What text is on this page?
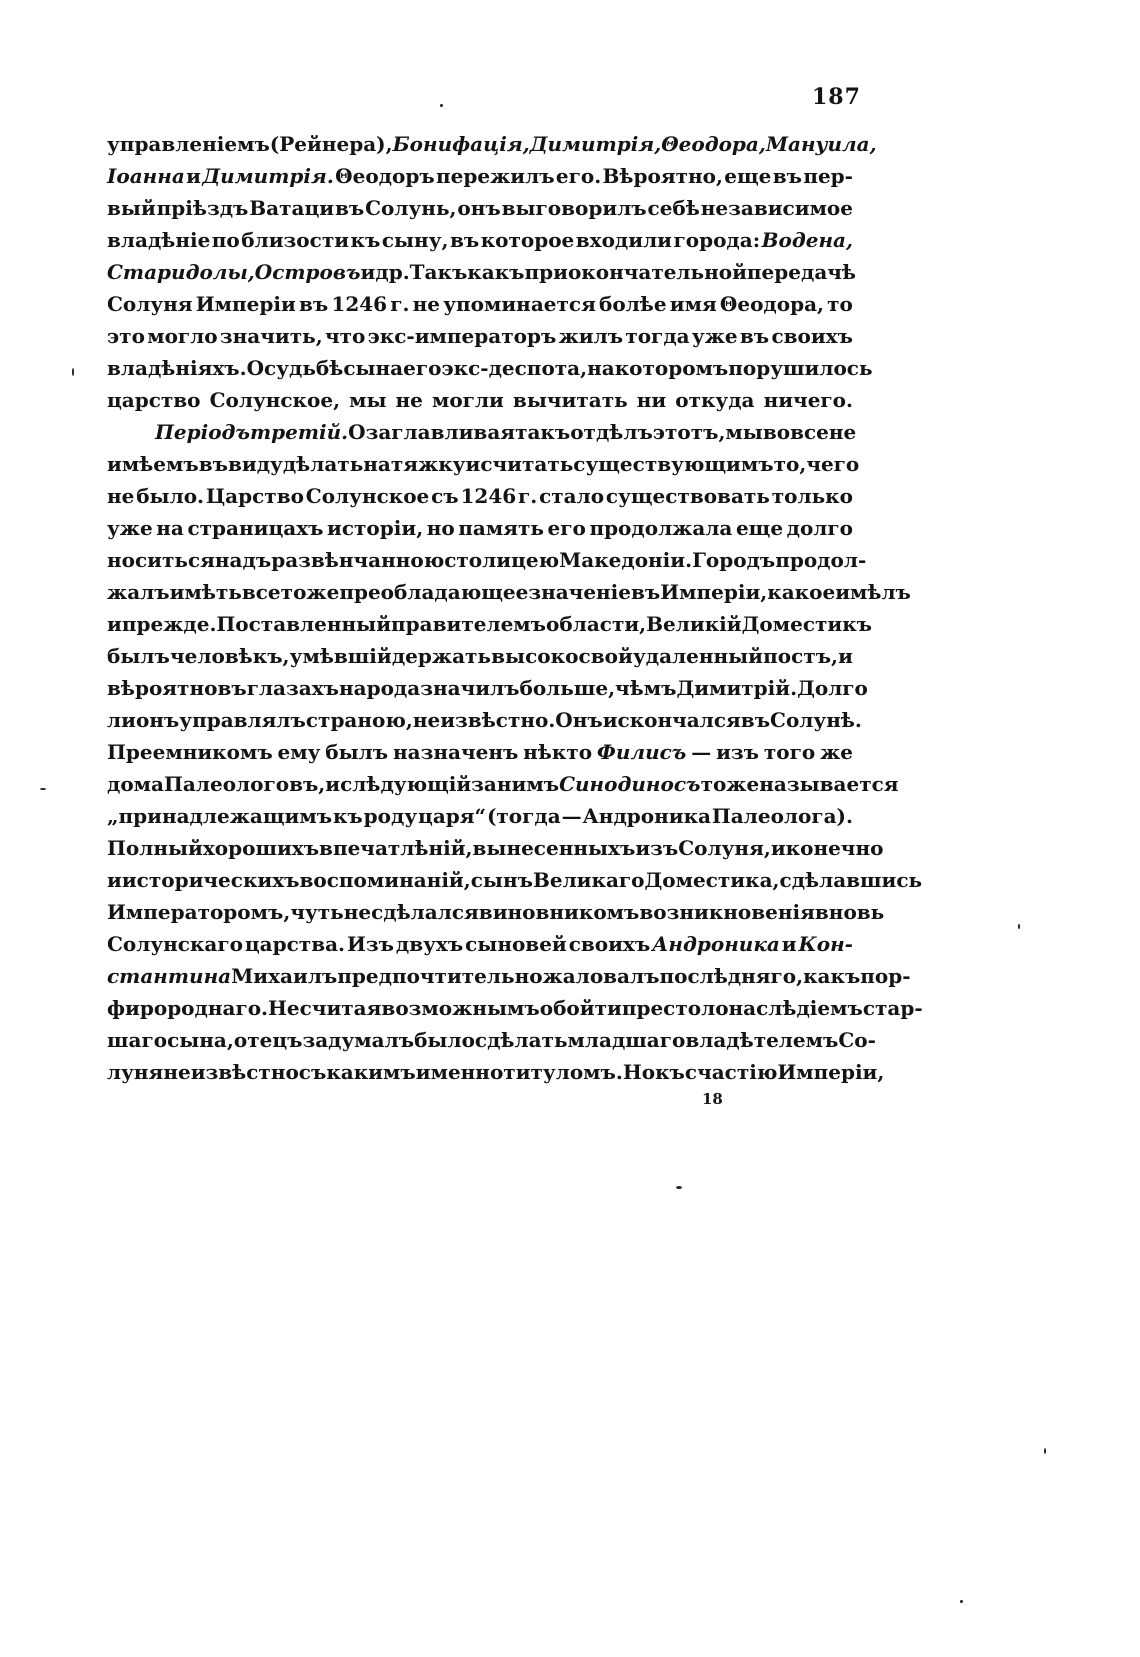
187
управленіемъ (Рейнера), Бонифація, Димитрія, Θеодора, Мануила,
Іоанна и Димитрія. Θеодоръ пережилъ его. Вѣроятно, еще въ пер-
вый пріѣздъ Ватаци въ Солунь, онъ выговорилъ себѣ независимое
владѣніе по близости къ сыну, въ которое входили города: Водена,
Старидолы, Островъ и др. Такъ какъ при окончательной передачѣ
Солуня Имперіи въ 1246 г. не упоминается болѣе имя Θеодора, то
это могло значить, что экс-императоръ жилъ тогда уже въ своихъ
владѣніяхъ. О судьбѣ сына его экс-деспота, на которомъ порушилось
царство Солунское, мы не могли вычитать ни откуда ничего.
Періодъ третій. Озаглавливая такъ отдѣлъ этотъ, мы вовсе не
имѣемъ въ виду дѣлать натяжку и считать существующимъ то, чего
не было. Царство Солунское съ 1246 г. стало существовать только
уже на страницахъ исторіи, но память его продолжала еще долго
носиться надъ развѣнчанною столицею Македоніи. Городъ продол-
жалъ имѣть все тоже преобладающее значеніе въ Имперіи, какое имѣлъ
и прежде. Поставленный правителемъ области, Великій Доместикъ
былъ человѣкъ, умѣвшій держать высоко свой удаленный постъ, и
вѣроятно въ глазахъ народа значилъ больше, чѣмъ Димитрій. Долго
ли онъ управлялъ страною, неизвѣстно. Онъ и скончался въ Солунѣ.
Преемникомъ ему былъ назначенъ нѣкто Филисъ — изъ того же
дома Палеологовъ, и слѣдующій за нимъ Синодиносъ тоже называется
„принадлежащимъ къ роду царя“ (тогда — Андроника Палеолога).
Полный хорошихъ впечатлѣній, вынесенныхъ изъ Солуня, и конечно
и историческихъ воспоминаній, сынъ Великаго Доместика, сдѣлавшись
Императоромъ, чуть не сдѣлался виновникомъ возникновенія вновь
Солунскаго царства. Изъ двухъ сыновей своихъ Андроника и Кон-
стантина Михаилъ предпочтительно жаловалъ послѣдняго, какъ пор-
фиророднаго. Не считая возможнымъ обойти престолонаслѣдіемъ стар-
шаго сына, отецъ задумалъ было сдѣлать младшаго владѣтелемъ Со-
луня неизвѣстно съ какимъ именно титуломъ. Но къ счастію Имперіи,
18
